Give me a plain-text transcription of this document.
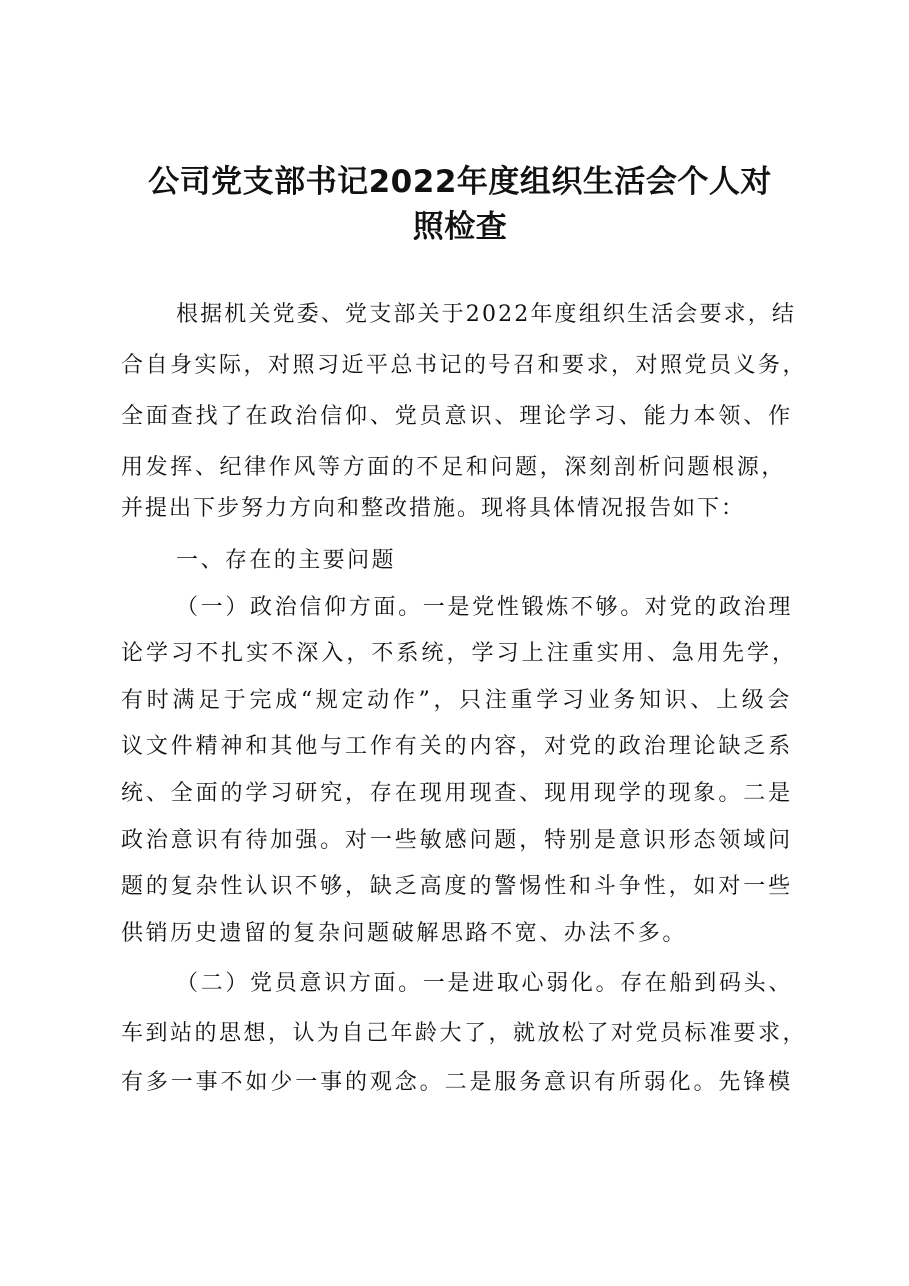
公司党支部书记2022年度组织生活会个人对
照检查
根据机关党委、党支部关于2022年度组织生活会要求，结
合自身实际，对照习近平总书记的号召和要求，对照党员义务，
全面查找了在政治信仰、党员意识、理论学习、能力本领、作
用发挥、纪律作风等方面的不足和问题，深刻剖析问题根源，
并提出下步努力方向和整改措施。现将具体情况报告如下：
一、存在的主要问题
（一）政治信仰方面。一是党性锻炼不够。对党的政治理
论学习不扎实不深入，不系统，学习上注重实用、急用先学，
有时满足于完成“规定动作”，只注重学习业务知识、上级会
议文件精神和其他与工作有关的内容，对党的政治理论缺乏系
统、全面的学习研究，存在现用现查、现用现学的现象。二是
政治意识有待加强。对一些敏感问题，特别是意识形态领域问
题的复杂性认识不够，缺乏高度的警惕性和斗争性，如对一些
供销历史遗留的复杂问题破解思路不宽、办法不多。
（二）党员意识方面。一是进取心弱化。存在船到码头、
车到站的思想，认为自己年龄大了，就放松了对党员标准要求，
有多一事不如少一事的观念。二是服务意识有所弱化。先锋模
